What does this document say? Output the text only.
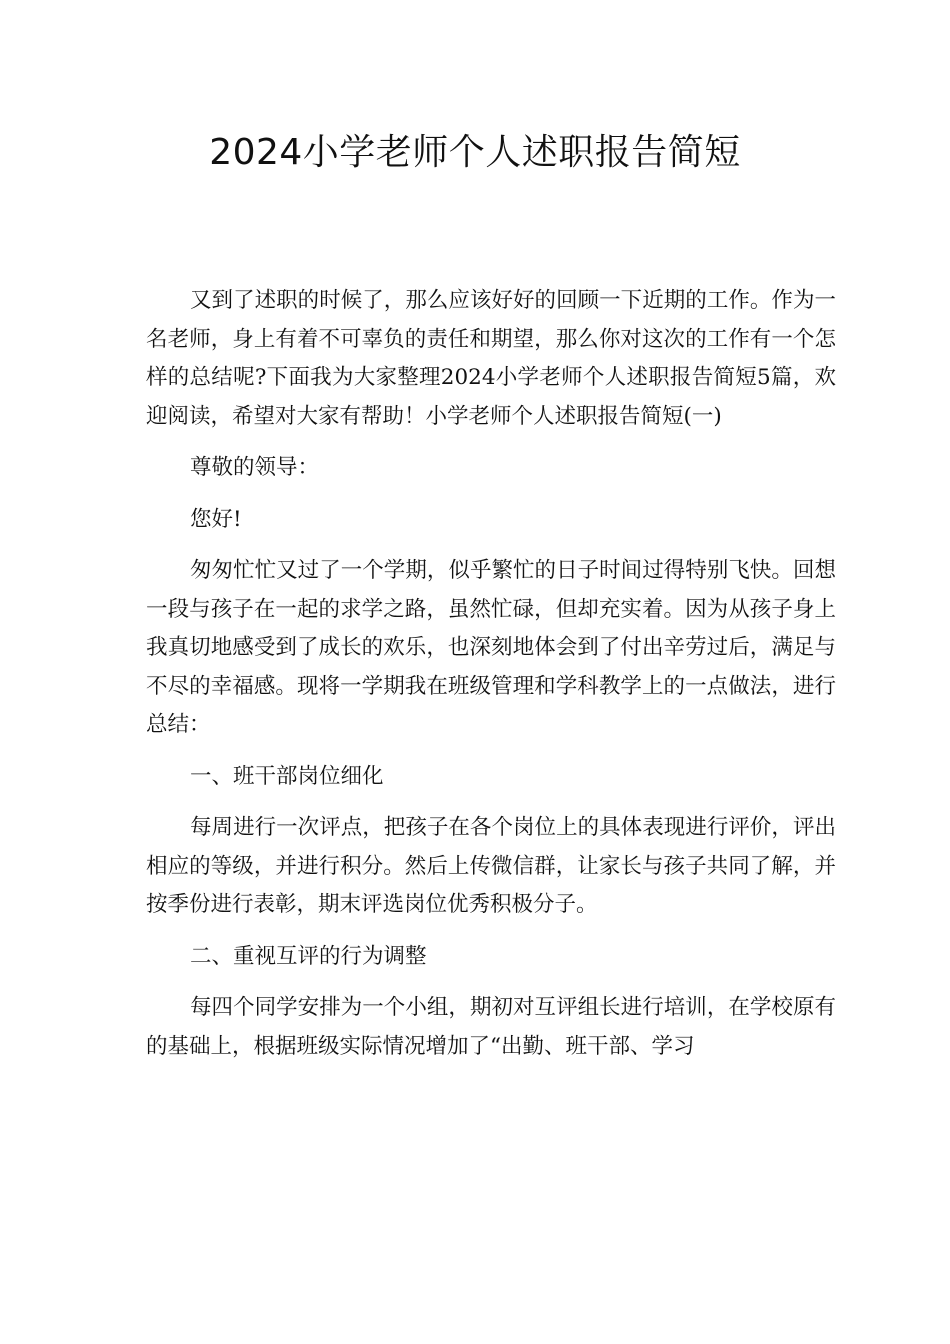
2024小学老师个人述职报告简短

又到了述职的时候了，那么应该好好的回顾一下近期的工作。作为一名老师，身上有着不可辜负的责任和期望，那么你对这次的工作有一个怎样的总结呢?下面我为大家整理2024小学老师个人述职报告简短5篇，欢迎阅读，希望对大家有帮助！小学老师个人述职报告简短(一)

尊敬的领导：

您好!

匆匆忙忙又过了一个学期，似乎繁忙的日子时间过得特别飞快。回想一段与孩子在一起的求学之路，虽然忙碌，但却充实着。因为从孩子身上我真切地感受到了成长的欢乐，也深刻地体会到了付出辛劳过后，满足与不尽的幸福感。现将一学期我在班级管理和学科教学上的一点做法，进行总结：

一、班干部岗位细化

每周进行一次评点，把孩子在各个岗位上的具体表现进行评价，评出相应的等级，并进行积分。然后上传微信群，让家长与孩子共同了解，并按季份进行表彰，期末评选岗位优秀积极分子。

二、重视互评的行为调整

每四个同学安排为一个小组，期初对互评组长进行培训，在学校原有的基础上，根据班级实际情况增加了“出勤、班干部、学习
